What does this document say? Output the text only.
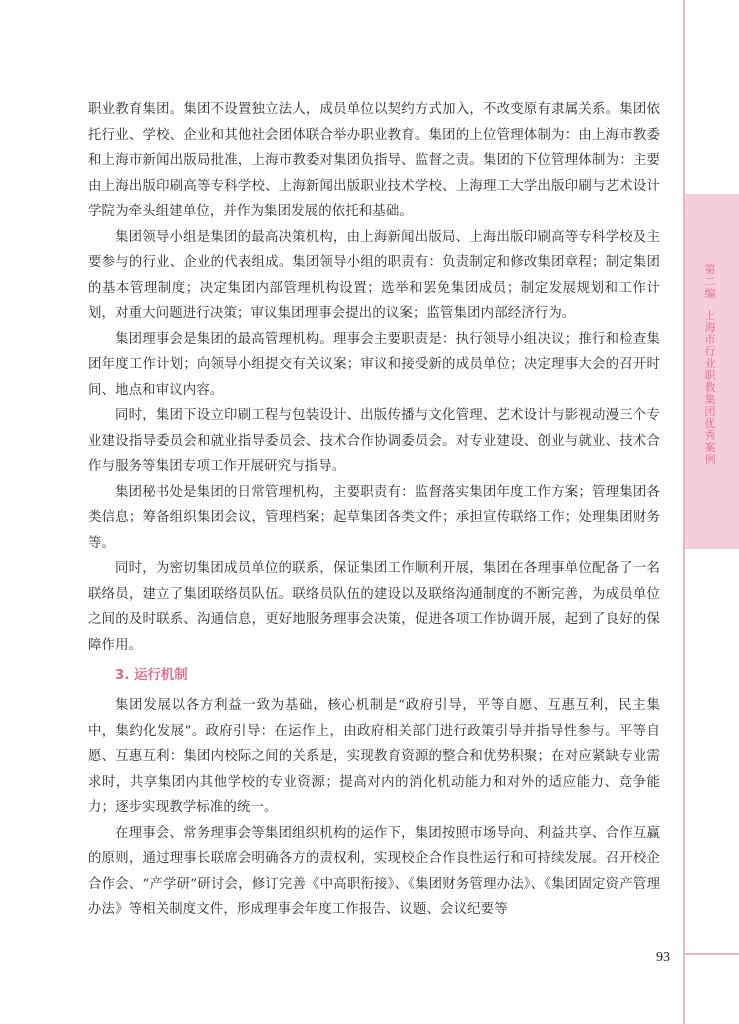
第二编
上海市行业职教集团优秀案例

职业教育集团。集团不设置独立法人，成员单位以契约方式加入，不改变原有隶属关系。集团依托行业、学校、企业和其他社会团体联合举办职业教育。集团的上位管理体制为：由上海市教委和上海市新闻出版局批准，上海市教委对集团负指导、监督之责。集团的下位管理体制为：主要由上海出版印刷高等专科学校、上海新闻出版职业技术学校、上海理工大学出版印刷与艺术设计学院为牵头组建单位，并作为集团发展的依托和基础。

集团领导小组是集团的最高决策机构，由上海新闻出版局、上海出版印刷高等专科学校及主要参与的行业、企业的代表组成。集团领导小组的职责有：负责制定和修改集团章程；制定集团的基本管理制度；决定集团内部管理机构设置；选举和罢免集团成员；制定发展规划和工作计划，对重大问题进行决策；审议集团理事会提出的议案；监管集团内部经济行为。

集团理事会是集团的最高管理机构。理事会主要职责是：执行领导小组决议；推行和检查集团年度工作计划；向领导小组提交有关议案；审议和接受新的成员单位；决定理事大会的召开时间、地点和审议内容。

同时，集团下设立印刷工程与包装设计、出版传播与文化管理、艺术设计与影视动漫三个专业建设指导委员会和就业指导委员会、技术合作协调委员会。对专业建设、创业与就业、技术合作与服务等集团专项工作开展研究与指导。

集团秘书处是集团的日常管理机构，主要职责有：监督落实集团年度工作方案；管理集团各类信息；筹备组织集团会议，管理档案；起草集团各类文件；承担宣传联络工作；处理集团财务等。

同时，为密切集团成员单位的联系，保证集团工作顺利开展，集团在各理事单位配备了一名联络员，建立了集团联络员队伍。联络员队伍的建设以及联络沟通制度的不断完善，为成员单位之间的及时联系、沟通信息，更好地服务理事会决策，促进各项工作协调开展，起到了良好的保障作用。

3. 运行机制

集团发展以各方利益一致为基础，核心机制是“政府引导，平等自愿、互惠互利，民主集中，集约化发展”。政府引导：在运作上，由政府相关部门进行政策引导并指导性参与。平等自愿、互惠互利：集团内校际之间的关系是，实现教育资源的整合和优势积聚；在对应紧缺专业需求时，共享集团内其他学校的专业资源；提高对内的消化机动能力和对外的适应能力、竞争能力；逐步实现教学标准的统一。

在理事会、常务理事会等集团组织机构的运作下，集团按照市场导向、利益共享、合作互赢的原则，通过理事长联席会明确各方的责权利，实现校企合作良性运行和可持续发展。召开校企合作会、“产学研”研讨会，修订完善《中高职衔接》、《集团财务管理办法》、《集团固定资产管理办法》等相关制度文件，形成理事会年度工作报告、议题、会议纪要等

93
